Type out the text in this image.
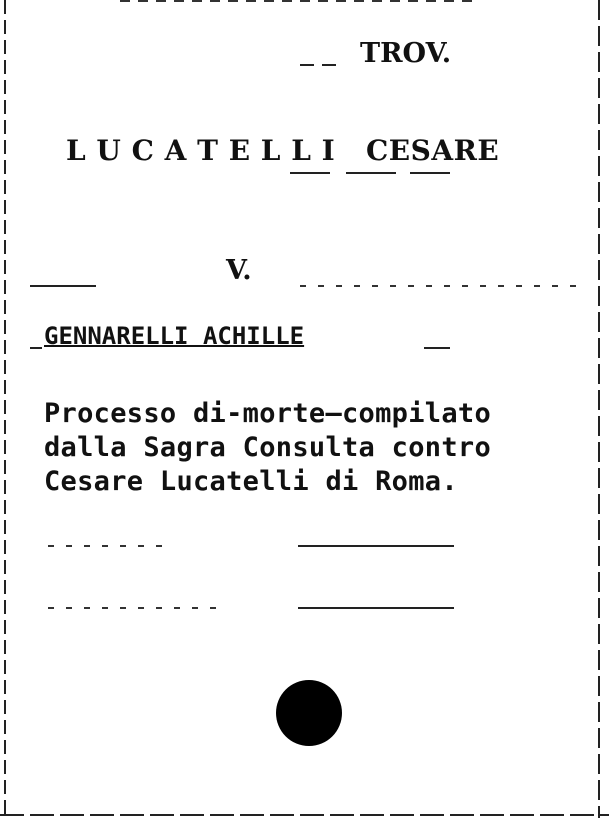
TROV.
L U C A T E L L I   CESARE
V.
GENNARELLI ACHILLE
Processo di-morte—compilato
dalla Sagra Consulta contro
Cesare Lucatelli di Roma.
